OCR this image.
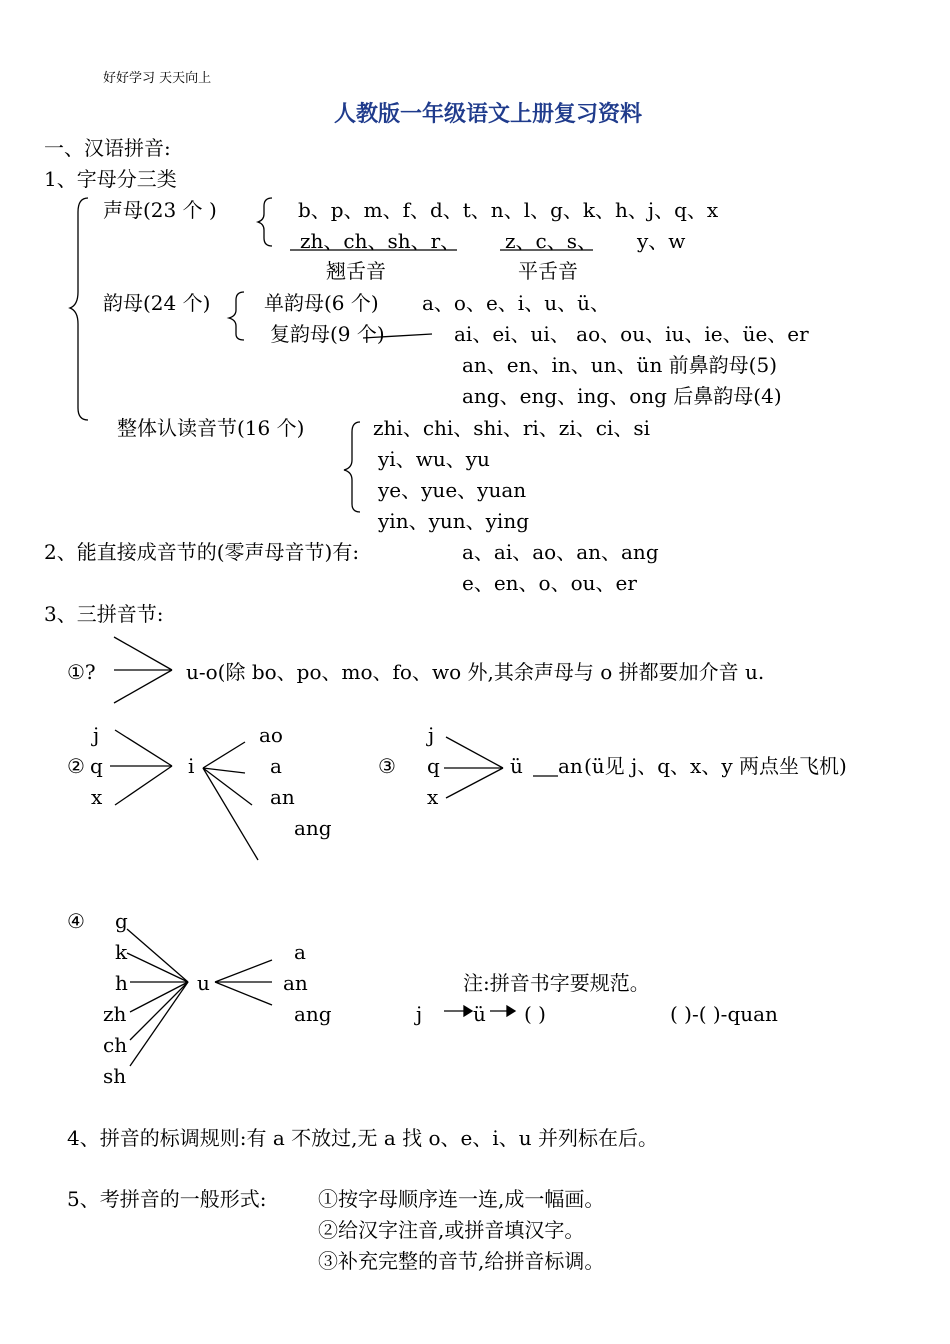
好好学习 天天向上
人教版一年级语文上册复习资料
一、汉语拼音:
1、字母分三类
声母(23 个 )	b、p、m、f、d、t、n、l、g、k、h、j、q、x
zh、ch、sh、r、 z、c、s、 y、w
翘舌音	平舌音
韵母(24 个)	单韵母(6 个) a、o、e、i、u、ü、
复韵母(9 个)	ai、ei、ui、 ao、ou、iu、ie、üe、er
an、en、in、un、ün 前鼻韵母(5)
ang、eng、ing、ong 后鼻韵母(4)
整体认读音节(16 个)	zhi、chi、shi、ri、zi、ci、si
yi、wu、yu
ye、yue、yuan
yin、yun、ying
2、能直接成音节的(零声母音节)有:	a、ai、ao、an、ang
e、en、o、ou、er
3、三拼音节:
①?	u-o(除 bo、po、mo、fo、wo 外,其余声母与 o 拼都要加介音 u.
j
② q
x
i
ao
a
an
ang
j
③ q
x
ü an (ü见 j、q、x、y 两点坐飞机)
④ g
k
h
zh
ch
sh
u
a
an
ang
注:拼音书字要规范。
j	ü ( )	( )-( )-quan
4、拼音的标调规则:有 a 不放过,无 a 找 o、e、i、u 并列标在后。
5、考拼音的一般形式:	①按字母顺序连一连,成一幅画。
②给汉字注音,或拼音填汉字。
③补充完整的音节,给拼音标调。
